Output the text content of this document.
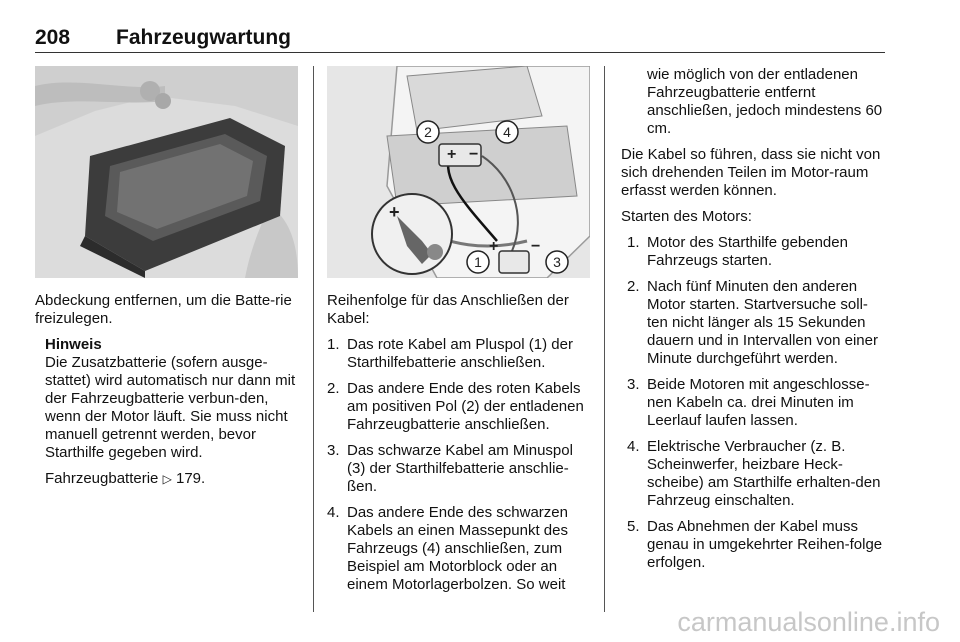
208 Fahrzeugwartung
+ −
+ −
+
2	4
1	3

Abdeckung entfernen, um die Batte-rie freizulegen.

Hinweis

Die Zusatzbatterie (sofern ausge-stattet) wird automatisch nur dann mit der Fahrzeugbatterie verbun-den, wenn der Motor läuft. Sie muss nicht manuell getrennt werden, bevor Starthilfe gegeben wird.

Fahrzeugbatterie ▷ 179.

Reihenfolge für das Anschließen der Kabel:

1. Das rote Kabel am Pluspol (1) der Starthilfebatterie anschließen.
2. Das andere Ende des roten Kabels am positiven Pol (2) der entladenen Fahrzeugbatterie anschließen.
3. Das schwarze Kabel am Minuspol (3) der Starthilfebatterie anschlie-ßen.
4. Das andere Ende des schwarzen Kabels an einen Massepunkt des Fahrzeugs (4) anschließen, zum Beispiel am Motorblock oder an einem Motorlagerbolzen. So weit

wie möglich von der entladenen Fahrzeugbatterie entfernt anschließen, jedoch mindestens 60 cm.

Die Kabel so führen, dass sie nicht von sich drehenden Teilen im Motor-raum erfasst werden können.

Starten des Motors:

1. Motor des Starthilfe gebenden Fahrzeugs starten.
2. Nach fünf Minuten den anderen Motor starten. Startversuche soll-ten nicht länger als 15 Sekunden dauern und in Intervallen von einer Minute durchgeführt werden.
3. Beide Motoren mit angeschlosse-nen Kabeln ca. drei Minuten im Leerlauf laufen lassen.
4. Elektrische Verbraucher (z. B. Scheinwerfer, heizbare Heck-scheibe) am Starthilfe erhalten-den Fahrzeug einschalten.
5. Das Abnehmen der Kabel muss genau in umgekehrter Reihen-folge erfolgen.
carmanualsonline.info
